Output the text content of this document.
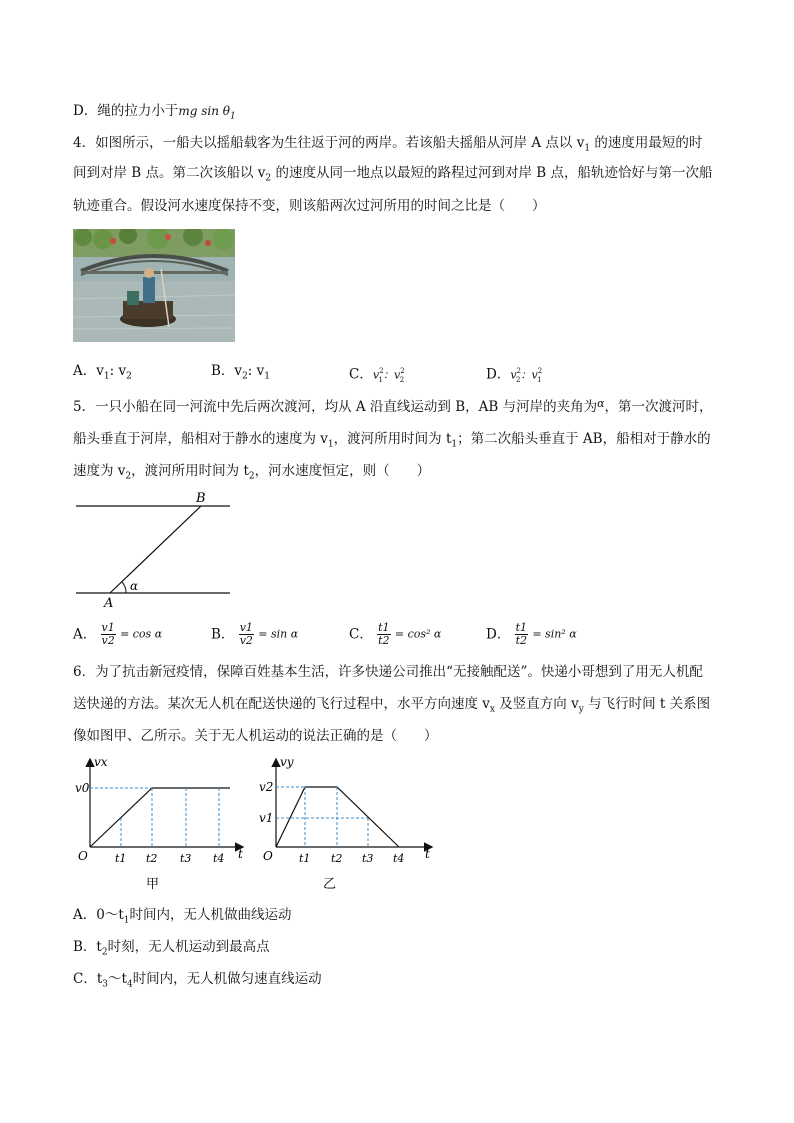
D．绳的拉力小于mg $\sin \theta_1$
4．如图所示，一船夫以摇船载客为生往返于河的两岸。若该船夫摇船从河岸 A 点以 $v_1$ 的速度用最短的时
间到对岸 B 点。第二次该船以 $v_2$ 的速度从同一地点以最短的路程过河到对岸 B 点，船轨迹恰好与第一次船
轨迹重合。假设河水速度保持不变，则该船两次过河所用的时间之比是（　　）
A．$v_1$: $v_2$	B．$v_2$: $v_1$	C．$v^2_1$：$v^2_2$	D．$v^2_2$：$v^2_1$
5．一只小船在同一河流中先后两次渡河，均从 A 沿直线运动到 B，AB 与河岸的夹角为$^\alpha$，第一次渡河时，
船头垂直于河岸，船相对于静水的速度为 $v_1$，渡河所用时间为 $t_1$；第二次船头垂直于 AB，船相对于静水的
速度为 $v_2$，渡河所用时间为 $t_2$，河水速度恒定，则（　　）
B
A
α
A． $\frac{v1}{v2} = \cos \alpha$	B． $\frac{v1}{v2} = \sin \alpha$	C． $\frac{t1}{t2} = \cos^2$ α	D． $\frac{t1}{t2} = \sin^2$ α
6．为了抗击新冠疫情，保障百姓基本生活，许多快递公司推出“无接触配送”。快递小哥想到了用无人机配
送快递的方法。某次无人机在配送快递的飞行过程中，水平方向速度 $v_x$ 及竖直方向 $v_y$ 与飞行时间 t 关系图
像如图甲、乙所示。关于无人机运动的说法正确的是（　　）
vx
v0
O	t
t1 t2 t3 t4
甲
vy
v2
v1
O	t
t1 t2 t3 t4
乙
A．$0\sim t_1$时间内，无人机做曲线运动
B．$t_2$时刻，无人机运动到最高点
C．$t_3\sim t_4$时间内，无人机做匀速直线运动
